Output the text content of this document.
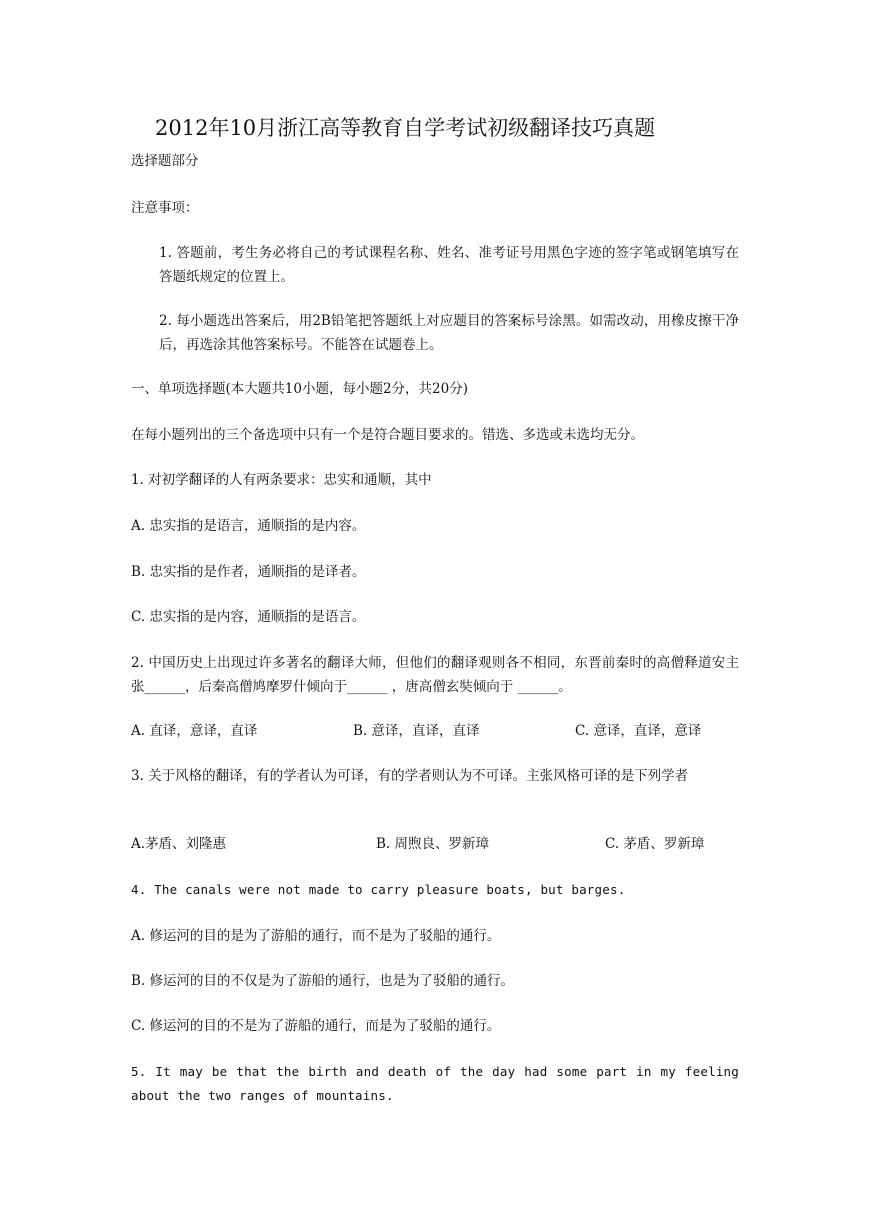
2012年10月浙江高等教育自学考试初级翻译技巧真题
选择题部分
注意事项：
1. 答题前，考生务必将自己的考试课程名称、姓名、准考证号用黑色字迹的签字笔或钢笔填写在答题纸规定的位置上。
2. 每小题选出答案后，用2B铅笔把答题纸上对应题目的答案标号涂黑。如需改动，用橡皮擦干净后，再选涂其他答案标号。不能答在试题卷上。
一、单项选择题(本大题共10小题，每小题2分，共20分)
在每小题列出的三个备选项中只有一个是符合题目要求的。错选、多选或未选均无分。
1. 对初学翻译的人有两条要求：忠实和通顺，其中
A. 忠实指的是语言，通顺指的是内容。
B. 忠实指的是作者，通顺指的是译者。
C. 忠实指的是内容，通顺指的是语言。
2. 中国历史上出现过许多著名的翻译大师，但他们的翻译观则各不相同，东晋前秦时的高僧释道安主张______，后秦高僧鸠摩罗什倾向于______ ，唐高僧玄奘倾向于 ______。
A. 直译，意译，直译	B. 意译，直译，直译	C. 意译，直译，意译
3. 关于风格的翻译，有的学者认为可译，有的学者则认为不可译。主张风格可译的是下列学者
A.茅盾、刘隆惠	B. 周煦良、罗新璋	C. 茅盾、罗新璋
4. The canals were not made to carry pleasure boats, but barges.
A. 修运河的目的是为了游船的通行，而不是为了驳船的通行。
B. 修运河的目的不仅是为了游船的通行，也是为了驳船的通行。
C. 修运河的目的不是为了游船的通行，而是为了驳船的通行。
5. It may be that the birth and death of the day had some part in my feeling about the two ranges of mountains.
